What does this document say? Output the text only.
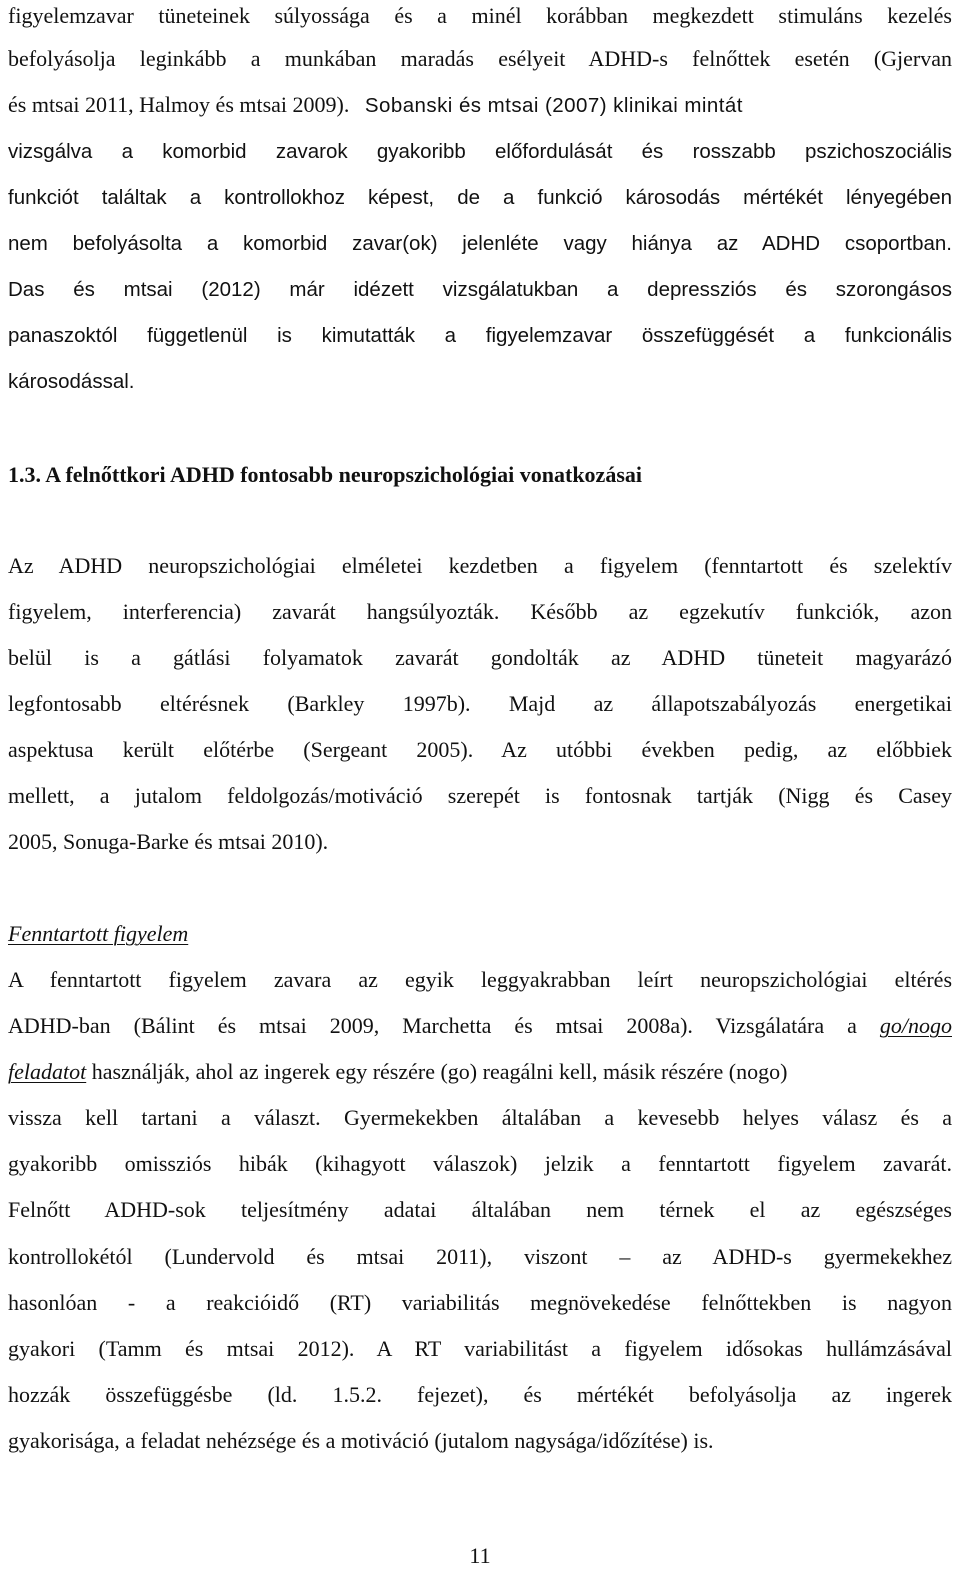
figyelemzavar tüneteinek súlyossága és a minél korábban megkezdett stimuláns kezelés
befolyásolja leginkább a munkában maradás esélyeit ADHD-s felnőttek esetén (Gjervan
és mtsai 2011, Halmoy és mtsai 2009). Sobanski és mtsai (2007) klinikai mintát
vizsgálva a komorbid zavarok gyakoribb előfordulását és rosszabb pszichoszociális
funkciót találtak a kontrollokhoz képest, de a funkció károsodás mértékét lényegében
nem befolyásolta a komorbid zavar(ok) jelenléte vagy hiánya az ADHD csoportban.
Das és mtsai (2012) már idézett vizsgálatukban a depressziós és szorongásos
panaszoktól függetlenül is kimutatták a figyelemzavar összefüggését a funkcionális
károsodással.
1.3. A felnőttkori ADHD fontosabb neuropszichológiai vonatkozásai
Az ADHD neuropszichológiai elméletei kezdetben a figyelem (fenntartott és szelektív
figyelem, interferencia) zavarát hangsúlyozták. Később az egzekutív funkciók, azon
belül is a gátlási folyamatok zavarát gondolták az ADHD tüneteit magyarázó
legfontosabb eltérésnek (Barkley 1997b). Majd az állapotszabályozás energetikai
aspektusa került előtérbe (Sergeant 2005). Az utóbbi években pedig, az előbbiek
mellett, a jutalom feldolgozás/motiváció szerepét is fontosnak tartják (Nigg és Casey
2005, Sonuga-Barke és mtsai 2010).
Fenntartott figyelem
A fenntartott figyelem zavara az egyik leggyakrabban leírt neuropszichológiai eltérés
ADHD-ban (Bálint és mtsai 2009, Marchetta és mtsai 2008a). Vizsgálatára a go/nogo
feladatot használják, ahol az ingerek egy részére (go) reagálni kell, másik részére (nogo)
vissza kell tartani a választ. Gyermekekben általában a kevesebb helyes válasz és a
gyakoribb omissziós hibák (kihagyott válaszok) jelzik a fenntartott figyelem zavarát.
Felnőtt ADHD-sok teljesítmény adatai általában nem térnek el az egészséges
kontrollokétól (Lundervold és mtsai 2011), viszont – az ADHD-s gyermekekhez
hasonlóan - a reakcióidő (RT) variabilitás megnövekedése felnőttekben is nagyon
gyakori (Tamm és mtsai 2012). A RT variabilitást a figyelem idősokas hullámzásával
hozzák összefüggésbe (ld. 1.5.2. fejezet), és mértékét befolyásolja az ingerek
gyakorisága, a feladat nehézsége és a motiváció (jutalom nagysága/időzítése) is.
11
